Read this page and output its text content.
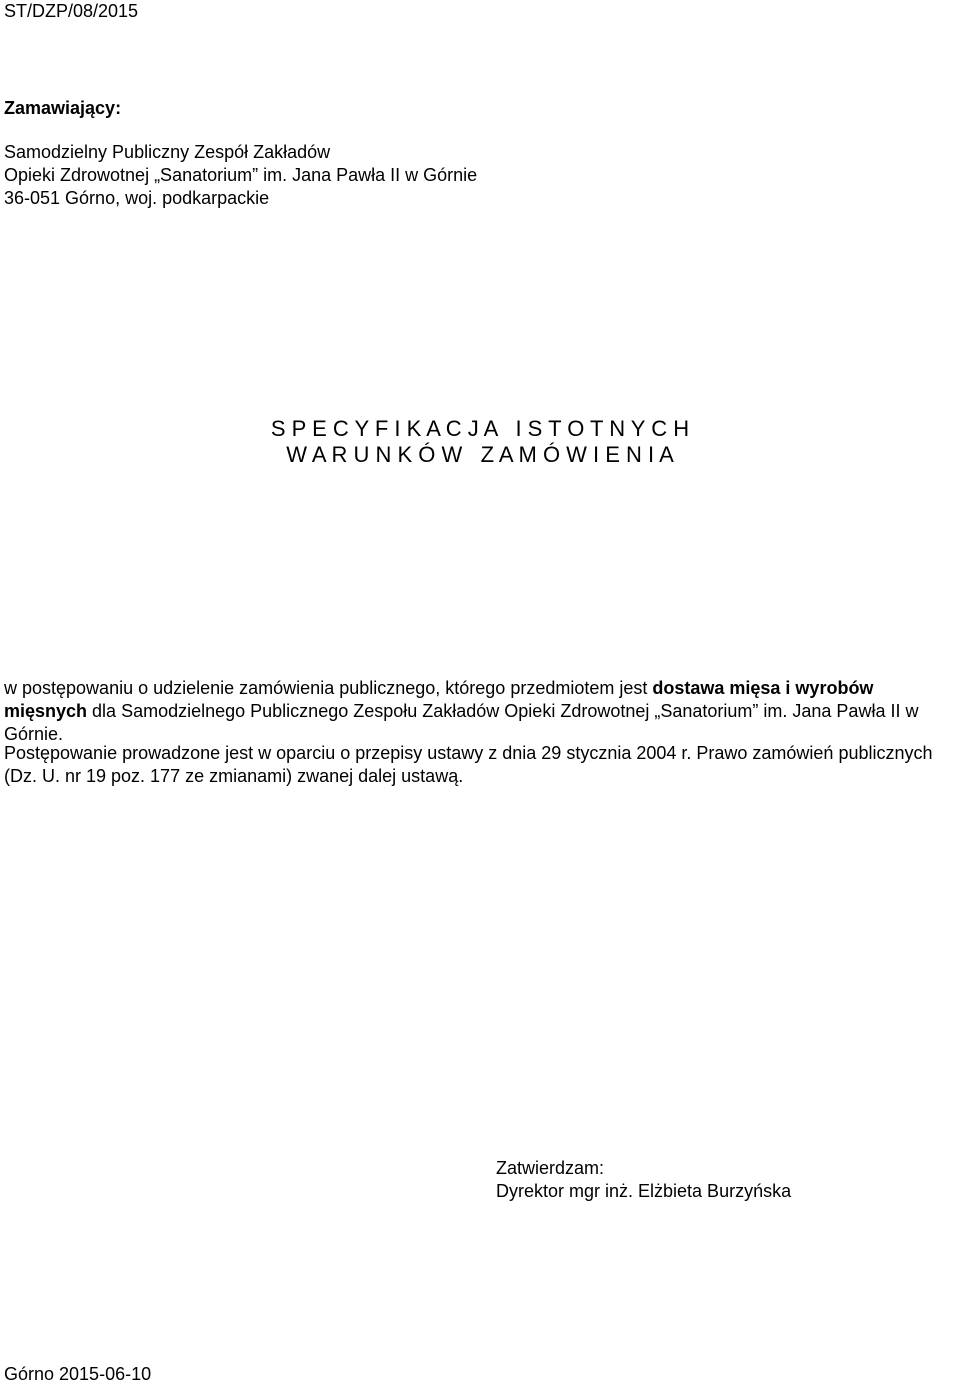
ST/DZP/08/2015
Zamawiający:
Samodzielny Publiczny Zespół Zakładów
Opieki Zdrowotnej „Sanatorium” im. Jana Pawła II w Górnie
36-051 Górno, woj. podkarpackie
S P E C Y F I K A C J A   I S T O T N Y C H
W A R U N K Ó W   Z A M Ó W I E N I A

w postępowaniu o udzielenie zamówienia publicznego, którego przedmiotem jest dostawa mięsa i wyrobów mięsnych dla Samodzielnego Publicznego Zespołu Zakładów Opieki Zdrowotnej „Sanatorium” im. Jana Pawła II w Górnie.

Postępowanie prowadzone jest w oparciu o przepisy ustawy z dnia 29 stycznia 2004 r. Prawo zamówień publicznych (Dz. U. nr 19 poz. 177 ze zmianami) zwanej dalej ustawą.

Zatwierdzam:
Dyrektor mgr inż. Elżbieta Burzyńska
Górno 2015-06-10
